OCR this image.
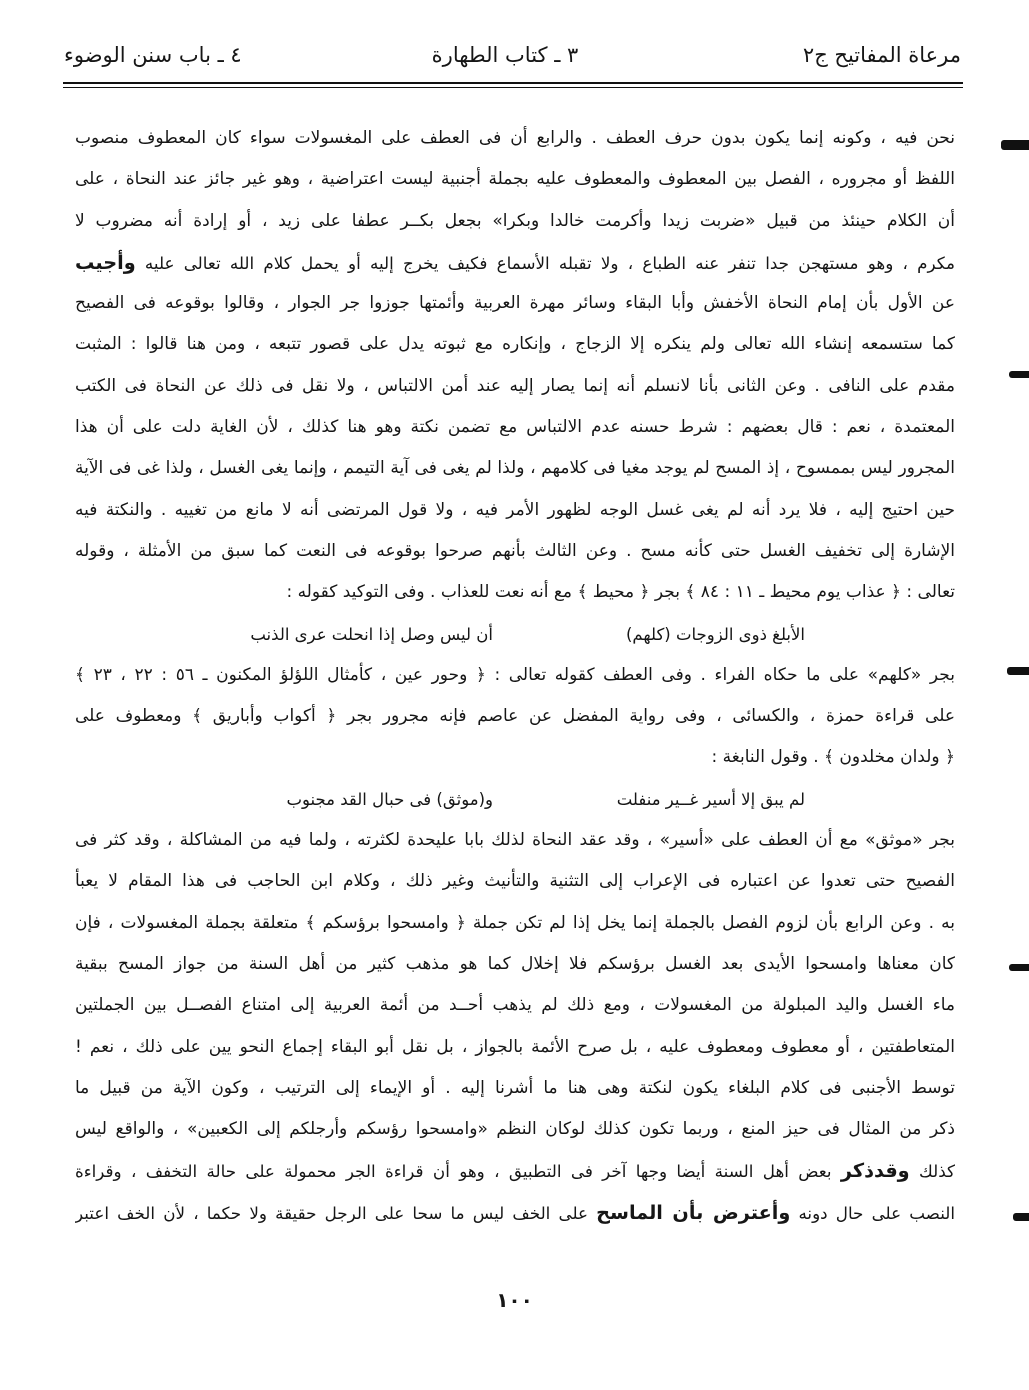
مرعاة المفاتيح ج٢
٣ ـ كتاب الطهارة
٤ ـ باب سنن الوضوء
نحن فيه ، وكونه إنما يكون بدون حرف العطف . والرابع أن فى العطف على المغسولات سواء كان المعطوف منصوب
اللفظ أو مجروره ، الفصل بين المعطوف والمعطوف عليه بجملة أجنبية ليست اعتراضية ، وهو غير جائز عند النحاة ، على
أن الكلام حينئذ من قبيل «ضربت زيدا وأكرمت خالدا وبكرا» بجعل بكــر عطفا على زيد ، أو إرادة أنه مضروب لا
مكرم ، وهو مستهجن جدا تنفر عنه الطباع ، ولا تقبله الأسماع فكيف يخرج إليه أو يحمل كلام الله تعالى عليه وأجيب
عن الأول بأن إمام النحاة الأخفش وأبا البقاء وسائر مهرة العربية وأئمتها جوزوا جر الجوار ، وقالوا بوقوعه فى الفصيح
كما ستسمعه إنشاء الله تعالى ولم ينكره إلا الزجاج ، وإنكاره مع ثبوته يدل على قصور تتبعه ، ومن هنا قالوا : المثبت
مقدم على النافى . وعن الثانى بأنا لانسلم أنه إنما يصار إليه عند أمن الالتباس ، ولا نقل فى ذلك عن النحاة فى الكتب
المعتمدة ، نعم : قال بعضهم : شرط حسنه عدم الالتباس مع تضمن نكتة وهو هنا كذلك ، لأن الغاية دلت على أن هذا
المجرور ليس بممسوح ، إذ المسح لم يوجد مغيا فى كلامهم ، ولذا لم يغى فى آية التيمم ، وإنما يغى الغسل ، ولذا غى فى الآية
حين احتيج إليه ، فلا يرد أنه لم يغى غسل الوجه لظهور الأمر فيه ، ولا قول المرتضى أنه لا مانع من تغييه . والنكتة فيه
الإشارة إلى تخفيف الغسل حتى كأنه مسح . وعن الثالث بأنهم صرحوا بوقوعه فى النعت كما سبق من الأمثلة ، وقوله
تعالى : ﴿ عذاب يوم محيط ـ ١١ : ٨٤ ﴾ بجر ﴿ محيط ﴾ مع أنه نعت للعذاب . وفى التوكيد كقوله :
الأبلغ ذوى الزوجات (كلهم)
أن ليس وصل إذا انحلت عرى الذنب
بجر «كلهم» على ما حكاه الفراء . وفى العطف كقوله تعالى : ﴿ وحور عين ، كأمثال اللؤلؤ المكنون ـ ٥٦ : ٢٢ ، ٢٣ ﴾
على قراءة حمزة ، والكسائى ، وفى رواية المفضل عن عاصم فإنه مجرور بجر ﴿ أكواب وأباريق ﴾ ومعطوف على
﴿ ولدان مخلدون ﴾ . وقول النابغة :
لم يبق إلا أسير غــير منفلت
و(موثق) فى حبال القد مجنوب
بجر «موثق» مع أن العطف على «أسير» ، وقد عقد النحاة لذلك بابا عليحدة لكثرته ، ولما فيه من المشاكلة ، وقد كثر فى
الفصيح حتى تعدوا عن اعتباره فى الإعراب إلى التثنية والتأنيث وغير ذلك ، وكلام ابن الحاجب فى هذا المقام لا يعبأ
به . وعن الرابع بأن لزوم الفصل بالجملة إنما يخل إذا لم تكن جملة ﴿ وامسحوا برؤسكم ﴾ متعلقة بجملة المغسولات ، فإن
كان معناها وامسحوا الأيدى بعد الغسل برؤسكم فلا إخلال كما هو مذهب كثير من أهل السنة من جواز المسح ببقية
ماء الغسل واليد المبلولة من المغسولات ، ومع ذلك لم يذهب أحــد من أئمة العربية إلى امتناع الفصــل بين الجملتين
المتعاطفتين ، أو معطوف ومعطوف عليه ، بل صرح الأئمة بالجواز ، بل نقل أبو البقاء إجماع النحو يين على ذلك ، نعم !
توسط الأجنبى فى كلام البلغاء يكون لنكتة وهى هنا ما أشرنا إليه . أو الإيماء إلى الترتيب ، وكون الآية من قبيل ما
ذكر من المثال فى حيز المنع ، وربما تكون كذلك لوكان النظم «وامسحوا رؤسكم وأرجلكم إلى الكعبين» ، والواقع ليس
كذلك وقدذكر بعض أهل السنة أيضا وجها آخر فى التطبيق ، وهو أن قراءة الجر محمولة على حالة التخفف ، وقراءة
النصب على حال دونه وأعترض بأن الماسح على الخف ليس ما سحا على الرجل حقيقة ولا حكما ، لأن الخف اعتبر
١٠٠
